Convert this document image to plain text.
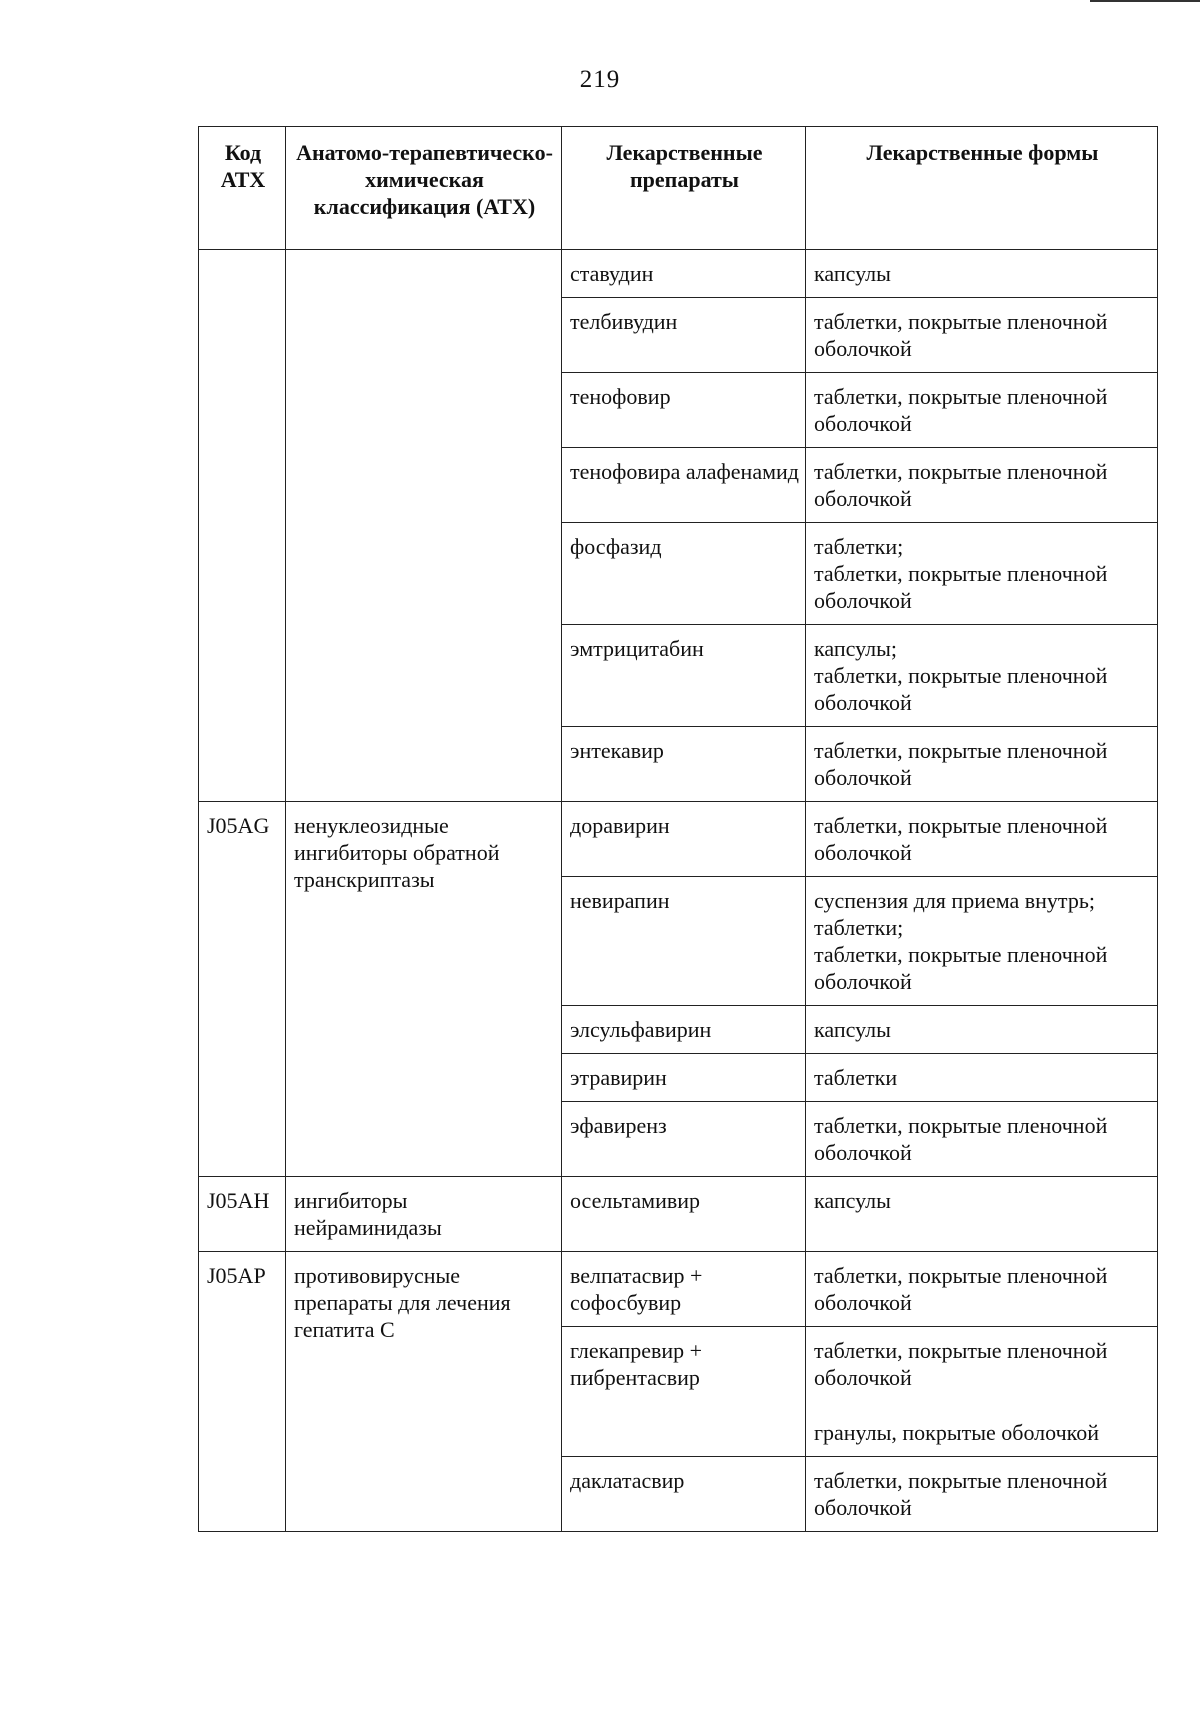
219
Код АТХ	Анатомо-терапевтическо-химическая классификация (АТХ)	Лекарственные препараты	Лекарственные формы
		ставудин	капсулы

		телбивудин	таблетки, покрытые пленочной оболочкой

		тенофовир	таблетки, покрытые пленочной оболочкой

		тенофовира алафенамид	таблетки, покрытые пленочной оболочкой

		фосфазид	таблетки;
таблетки, покрытые пленочной оболочкой

		эмтрицитабин	капсулы;
таблетки, покрытые пленочной оболочкой

		энтекавир	таблетки, покрытые пленочной оболочкой

J05AG	ненуклеозидные ингибиторы обратной транскриптазы	доравирин	таблетки, покрытые пленочной оболочкой

		невирапин	суспензия для приема внутрь;
таблетки;
таблетки, покрытые пленочной оболочкой

		элсульфавирин	капсулы

		этравирин	таблетки

		эфавиренз	таблетки, покрытые пленочной оболочкой

J05AH	ингибиторы нейраминидазы	осельтамивир	капсулы

J05AP	противовирусные препараты для лечения гепатита С	велпатасвир + софосбувир	таблетки, покрытые пленочной оболочкой

		глекапревир + пибрентасвир	таблетки, покрытые пленочной оболочкой
гранулы, покрытые оболочкой

		даклатасвир	таблетки, покрытые пленочной оболочкой
